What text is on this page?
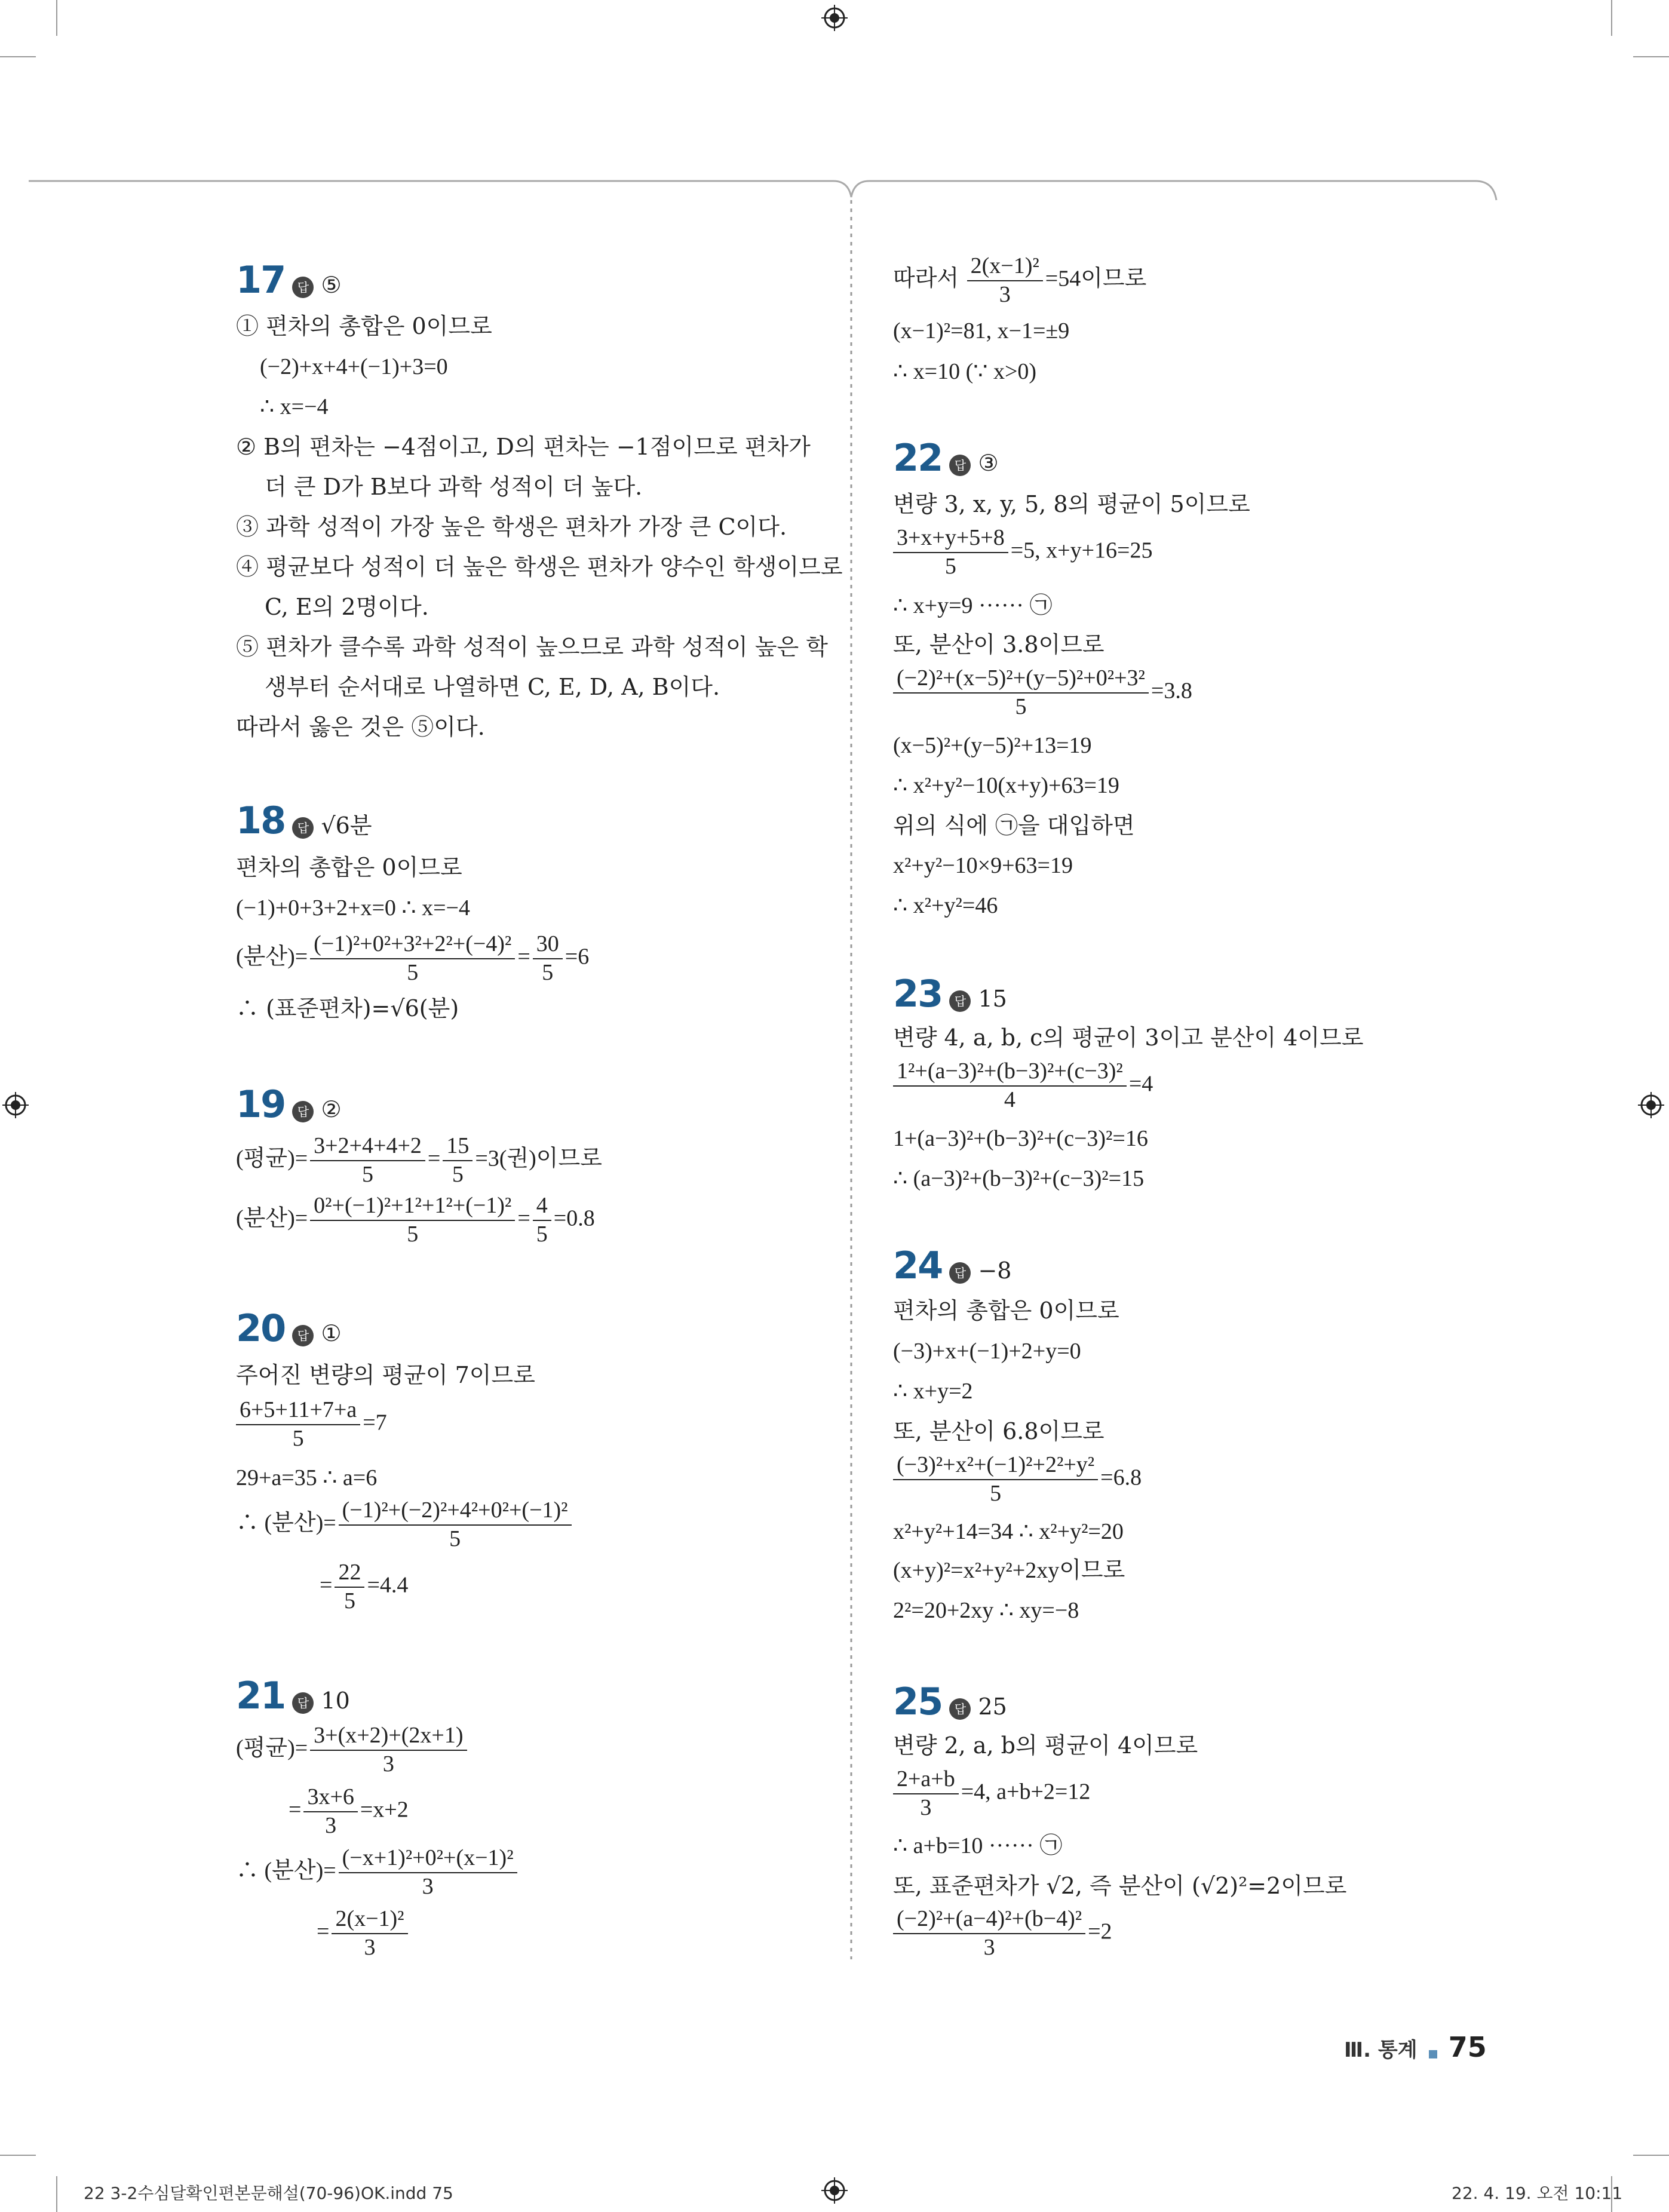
17 답 ⑤
① 편차의 총합은 0이므로
(−2)+x+4+(−1)+3=0
∴ x=−4
② B의 편차는 −4점이고, D의 편차는 −1점이므로 편차가
더 큰 D가 B보다 과학 성적이 더 높다.
③ 과학 성적이 가장 높은 학생은 편차가 가장 큰 C이다.
④ 평균보다 성적이 더 높은 학생은 편차가 양수인 학생이므로
C, E의 2명이다.
⑤ 편차가 클수록 과학 성적이 높으므로 과학 성적이 높은 학
생부터 순서대로 나열하면 C, E, D, A, B이다.
따라서 옳은 것은 ⑤이다.
18 답 √6분
편차의 총합은 0이므로
(−1)+0+3+2+x=0 ∴ x=−4
(분산)= $\frac{\text{(−1)²+0²+3²+2²+(−4)²}}{5} = \frac{30}{5} =6$
∴ (표준편차)=√6(분)
19 답 ②
(평균)= $\frac{3+2+4+4+2}{5} = \frac{15}{5} =3$(권)이므로
(분산)= $\frac{\text{0²+(−1)²+1²+1²+(−1)²}}{5} = \frac{4}{5} =0.8$
20 답 ①
주어진 변량의 평균이 7이므로
$\frac{6+5+11+7+a}{5} =7$
29+a=35 ∴ a=6
∴ (분산)= $\frac{\text{(−1)²+(−2)²+4²+0²+(−1)²}}{5}$
= $\frac{22}{5} =4.4$
21 답 10
(평균)= $\frac{3+(x+2)+(2x+1)}{3}$
= $\frac{3x+6}{3} =x+2$
∴ (분산)= $\frac{\text{(−x+1)²+0²+(x−1)²}}{3}$
= $\frac{\text{2(x−1)²}}{3}$
따라서 $\frac{\text{2(x−1)²}}{3} =54$이므로
(x−1)²=81, x−1=±9
∴ x=10 (∵ x>0)
22 답 ③
변량 3, x, y, 5, 8의 평균이 5이므로
$\frac{3+x+y+5+8}{5} =5$, x+y+16=25
∴ x+y=9 ······ ㉠
또, 분산이 3.8이므로
$\frac{\text{(−2)²+(x−5)²+(y−5)²+0²+3²}}{5} =3.8$
(x−5)²+(y−5)²+13=19
∴ x²+y²−10(x+y)+63=19
위의 식에 ㉠을 대입하면
x²+y²−10×9+63=19
∴ x²+y²=46
23 답 15
변량 4, a, b, c의 평균이 3이고 분산이 4이므로
$\frac{\text{1²+(a−3)²+(b−3)²+(c−3)²}}{4} =4$
1+(a−3)²+(b−3)²+(c−3)²=16
∴ (a−3)²+(b−3)²+(c−3)²=15
24 답 −8
편차의 총합은 0이므로
(−3)+x+(−1)+2+y=0
∴ x+y=2
또, 분산이 6.8이므로
$\frac{\text{(−3)²+x²+(−1)²+2²+y²}}{5} =6.8$
x²+y²+14=34 ∴ x²+y²=20
(x+y)²=x²+y²+2xy이므로
2²=20+2xy ∴ xy=−8
25 답 25
변량 2, a, b의 평균이 4이므로
$\frac{2+a+b}{3} =4$, a+b+2=12
∴ a+b=10 ······ ㉠
또, 표준편차가 √2, 즉 분산이 (√2)²=2이므로
$\frac{\text{(−2)²+(a−4)²+(b−4)²}}{3} =2$
Ⅲ. 통계 75
22 3-2수심달확인편본문해설(70-96)OK.indd 75	22. 4. 19. 오전 10:11
